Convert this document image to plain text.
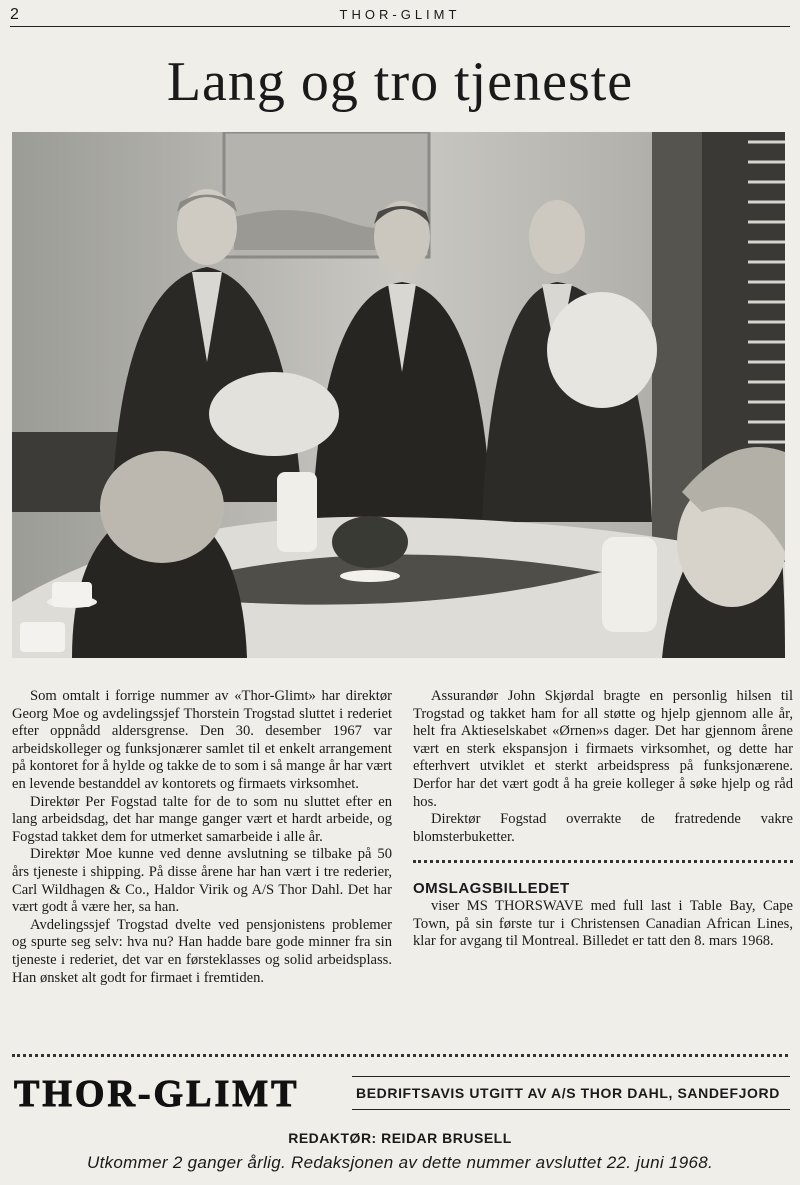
2	THOR-GLIMT
Lang og tro tjeneste

Som omtalt i forrige nummer av «Thor-Glimt» har direktør Georg Moe og avdelingssjef Thorstein Trogstad sluttet i rederiet efter oppnådd aldersgrense. Den 30. desember 1967 var arbeidskolleger og funksjonærer samlet til et enkelt arrangement på kontoret for å hylde og takke de to som i så mange år har vært en levende bestanddel av kontorets og firmaets virksomhet.

Direktør Per Fogstad talte for de to som nu sluttet efter en lang arbeidsdag, det har mange ganger vært et hardt arbeide, og Fogstad takket dem for utmerket samarbeide i alle år.

Direktør Moe kunne ved denne avslutning se tilbake på 50 års tjeneste i shipping. På disse årene har han vært i tre rederier, Carl Wildhagen & Co., Haldor Virik og A/S Thor Dahl. Det har vært godt å være her, sa han.

Avdelingssjef Trogstad dvelte ved pensjonistens problemer og spurte seg selv: hva nu? Han hadde bare gode minner fra sin tjeneste i rederiet, det var en førsteklasses og solid arbeidsplass. Han ønsket alt godt for firmaet i fremtiden.

Assurandør John Skjørdal bragte en personlig hilsen til Trogstad og takket ham for all støtte og hjelp gjennom alle år, helt fra Aktieselskabet «Ørnen»s dager. Det har gjennom årene vært en sterk ekspansjon i firmaets virksomhet, og dette har efterhvert utviklet et sterkt arbeidspress på funksjonærene. Derfor har det vært godt å ha greie kolleger å søke hjelp og råd hos.

Direktør Fogstad overrakte de fratredende vakre blomsterbuketter.

OMSLAGSBILLEDET

viser MS THORSWAVE med full last i Table Bay, Cape Town, på sin første tur i Christensen Canadian African Lines, klar for avgang til Montreal. Billedet er tatt den 8. mars 1968.

THOR-GLIMT	BEDRIFTSAVIS UTGITT AV A/S THOR DAHL, SANDEFJORD
REDAKTØR: REIDAR BRUSELL
Utkommer 2 ganger årlig. Redaksjonen av dette nummer avsluttet 22. juni 1968.
